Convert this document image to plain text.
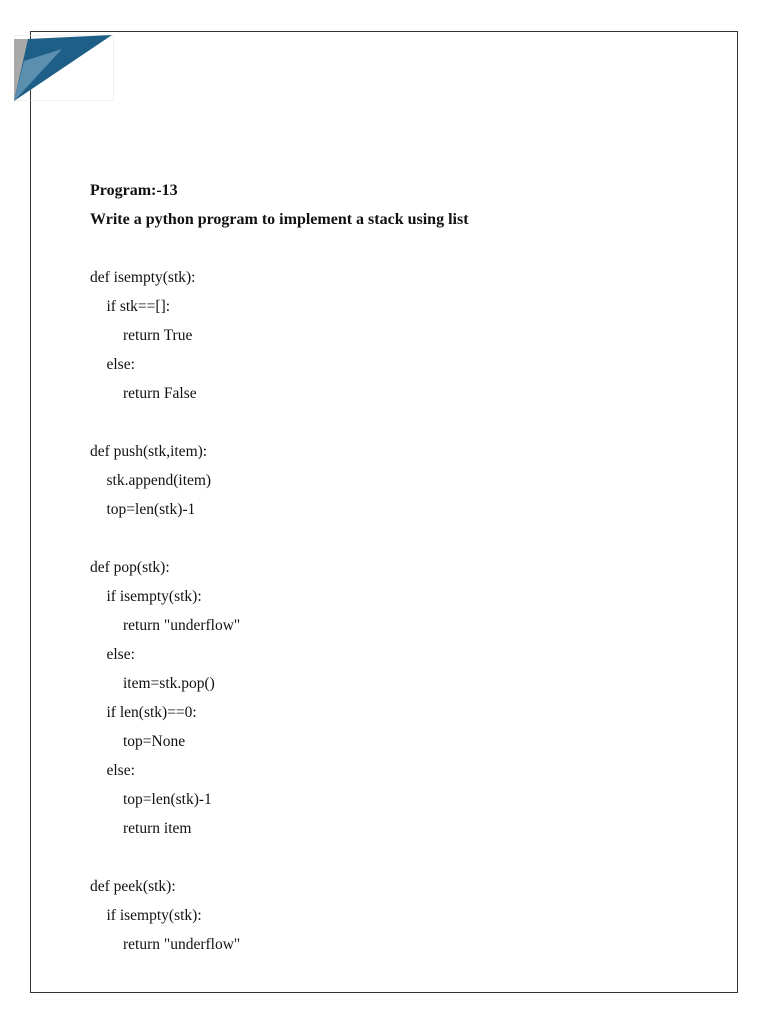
Program:-13
Write a python program to implement a stack using list
def isempty(stk):
if stk==[]:
return True
else:
return False
def push(stk,item):
stk.append(item)
top=len(stk)-1
def pop(stk):
if isempty(stk):
return "underflow"
else:
item=stk.pop()
if len(stk)==0:
top=None
else:
top=len(stk)-1
return item
def peek(stk):
if isempty(stk):
return "underflow"
